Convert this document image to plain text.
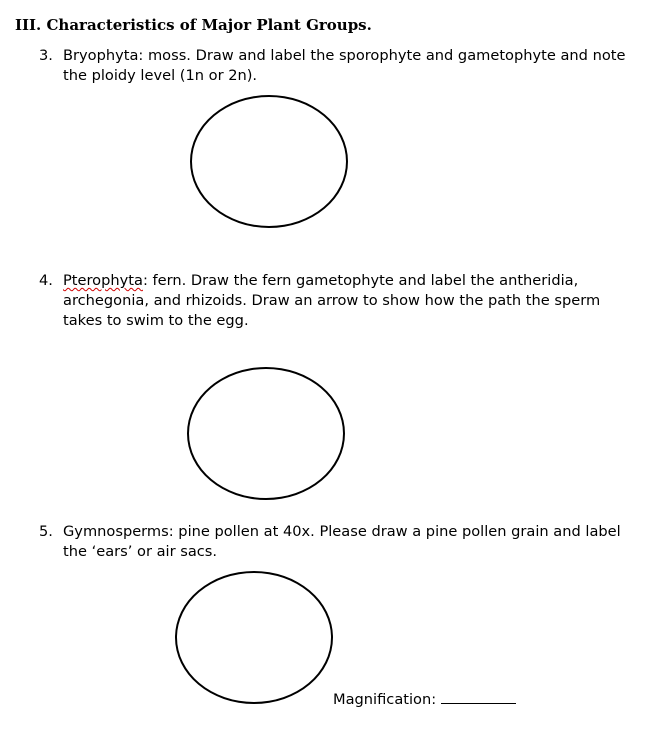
III. Characteristics of Major Plant Groups.
3. Bryophyta: moss. Draw and label the sporophyte and gametophyte and note
the ploidy level (1n or 2n).
4. Pterophyta: fern. Draw the fern gametophyte and label the antheridia,
archegonia, and rhizoids. Draw an arrow to show how the path the sperm
takes to swim to the egg.
5. Gymnosperms: pine pollen at 40x. Please draw a pine pollen grain and label
the ‘ears’ or air sacs.
Magnification:
